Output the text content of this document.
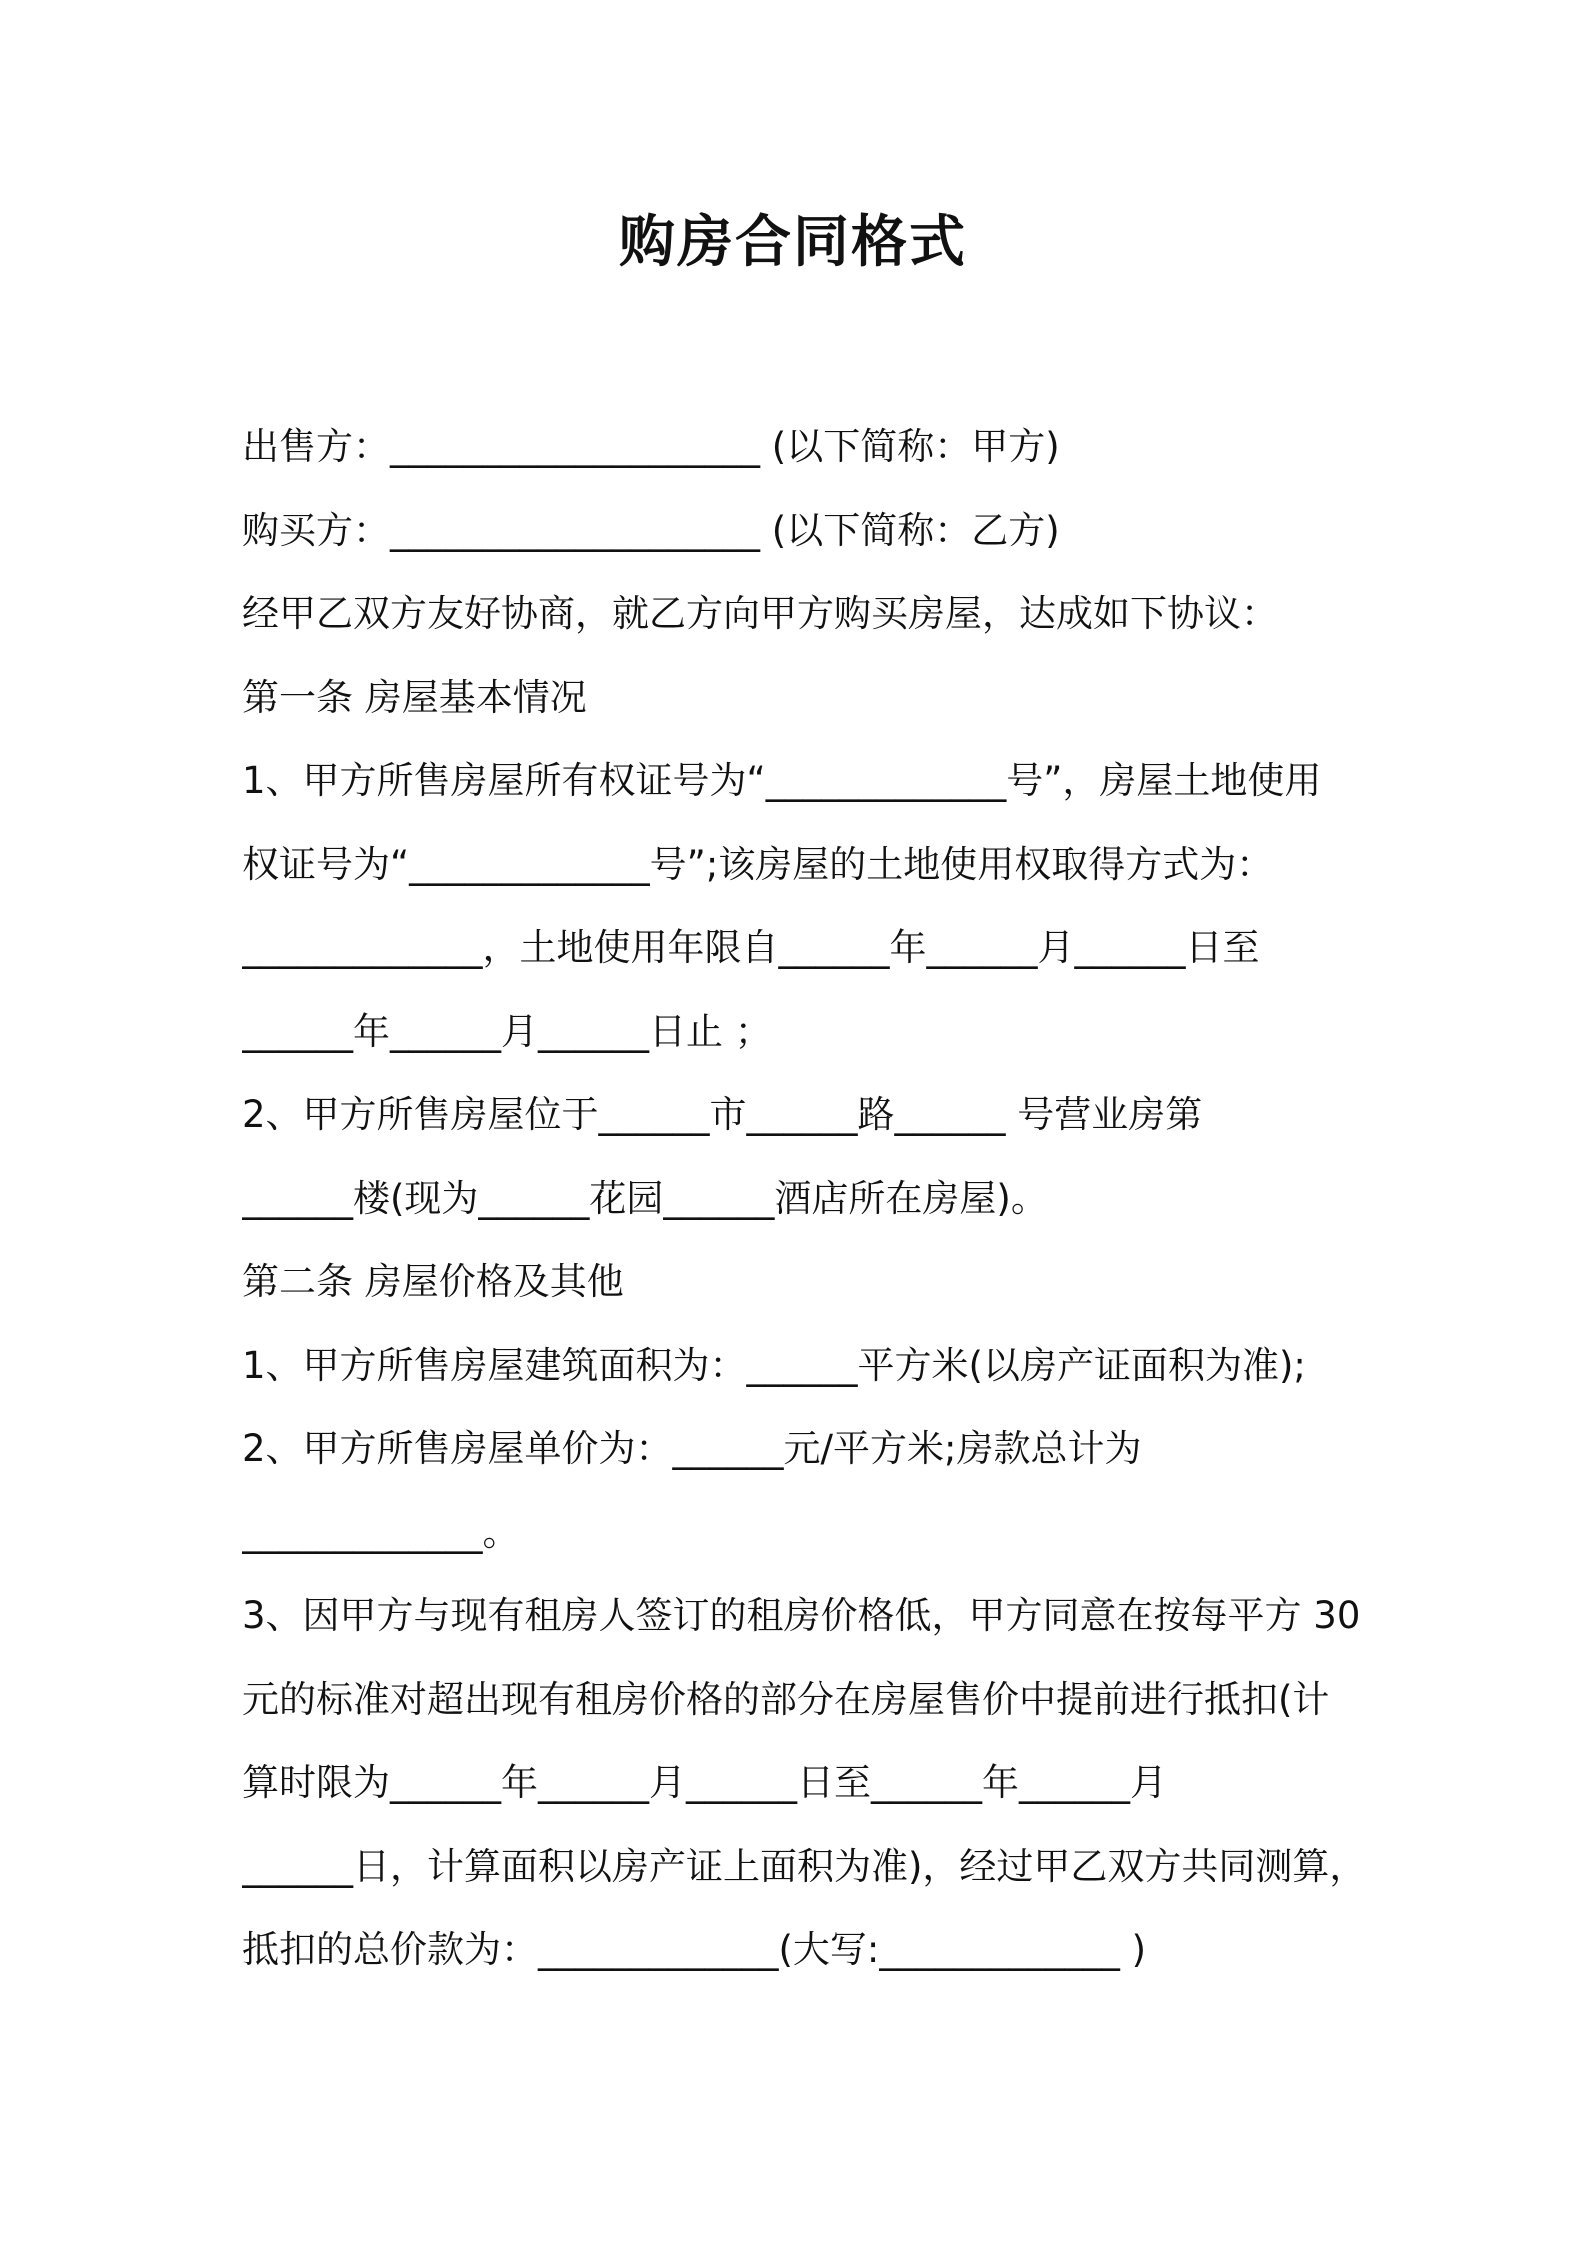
购房合同格式

出售方：____________________ (以下简称：甲方)

购买方：____________________ (以下简称：乙方)

经甲乙双方友好协商，就乙方向甲方购买房屋，达成如下协议：

第一条 房屋基本情况

1、甲方所售房屋所有权证号为“_____________号”，房屋土地使用

权证号为“_____________号”;该房屋的土地使用权取得方式为：

_____________，土地使用年限自______年______月______日至

______年______月______日止 ；

2、甲方所售房屋位于______市______路______ 号营业房第

______楼(现为______花园______酒店所在房屋)。

第二条 房屋价格及其他

1、甲方所售房屋建筑面积为：______平方米(以房产证面积为准);

2、甲方所售房屋单价为：______元/平方米;房款总计为

_____________。

3、因甲方与现有租房人签订的租房价格低，甲方同意在按每平方 30

元的标准对超出现有租房价格的部分在房屋售价中提前进行抵扣(计

算时限为______年______月______日至______年______月

______日，计算面积以房产证上面积为准)，经过甲乙双方共同测算，

抵扣的总价款为：_____________(大写:_____________ )
